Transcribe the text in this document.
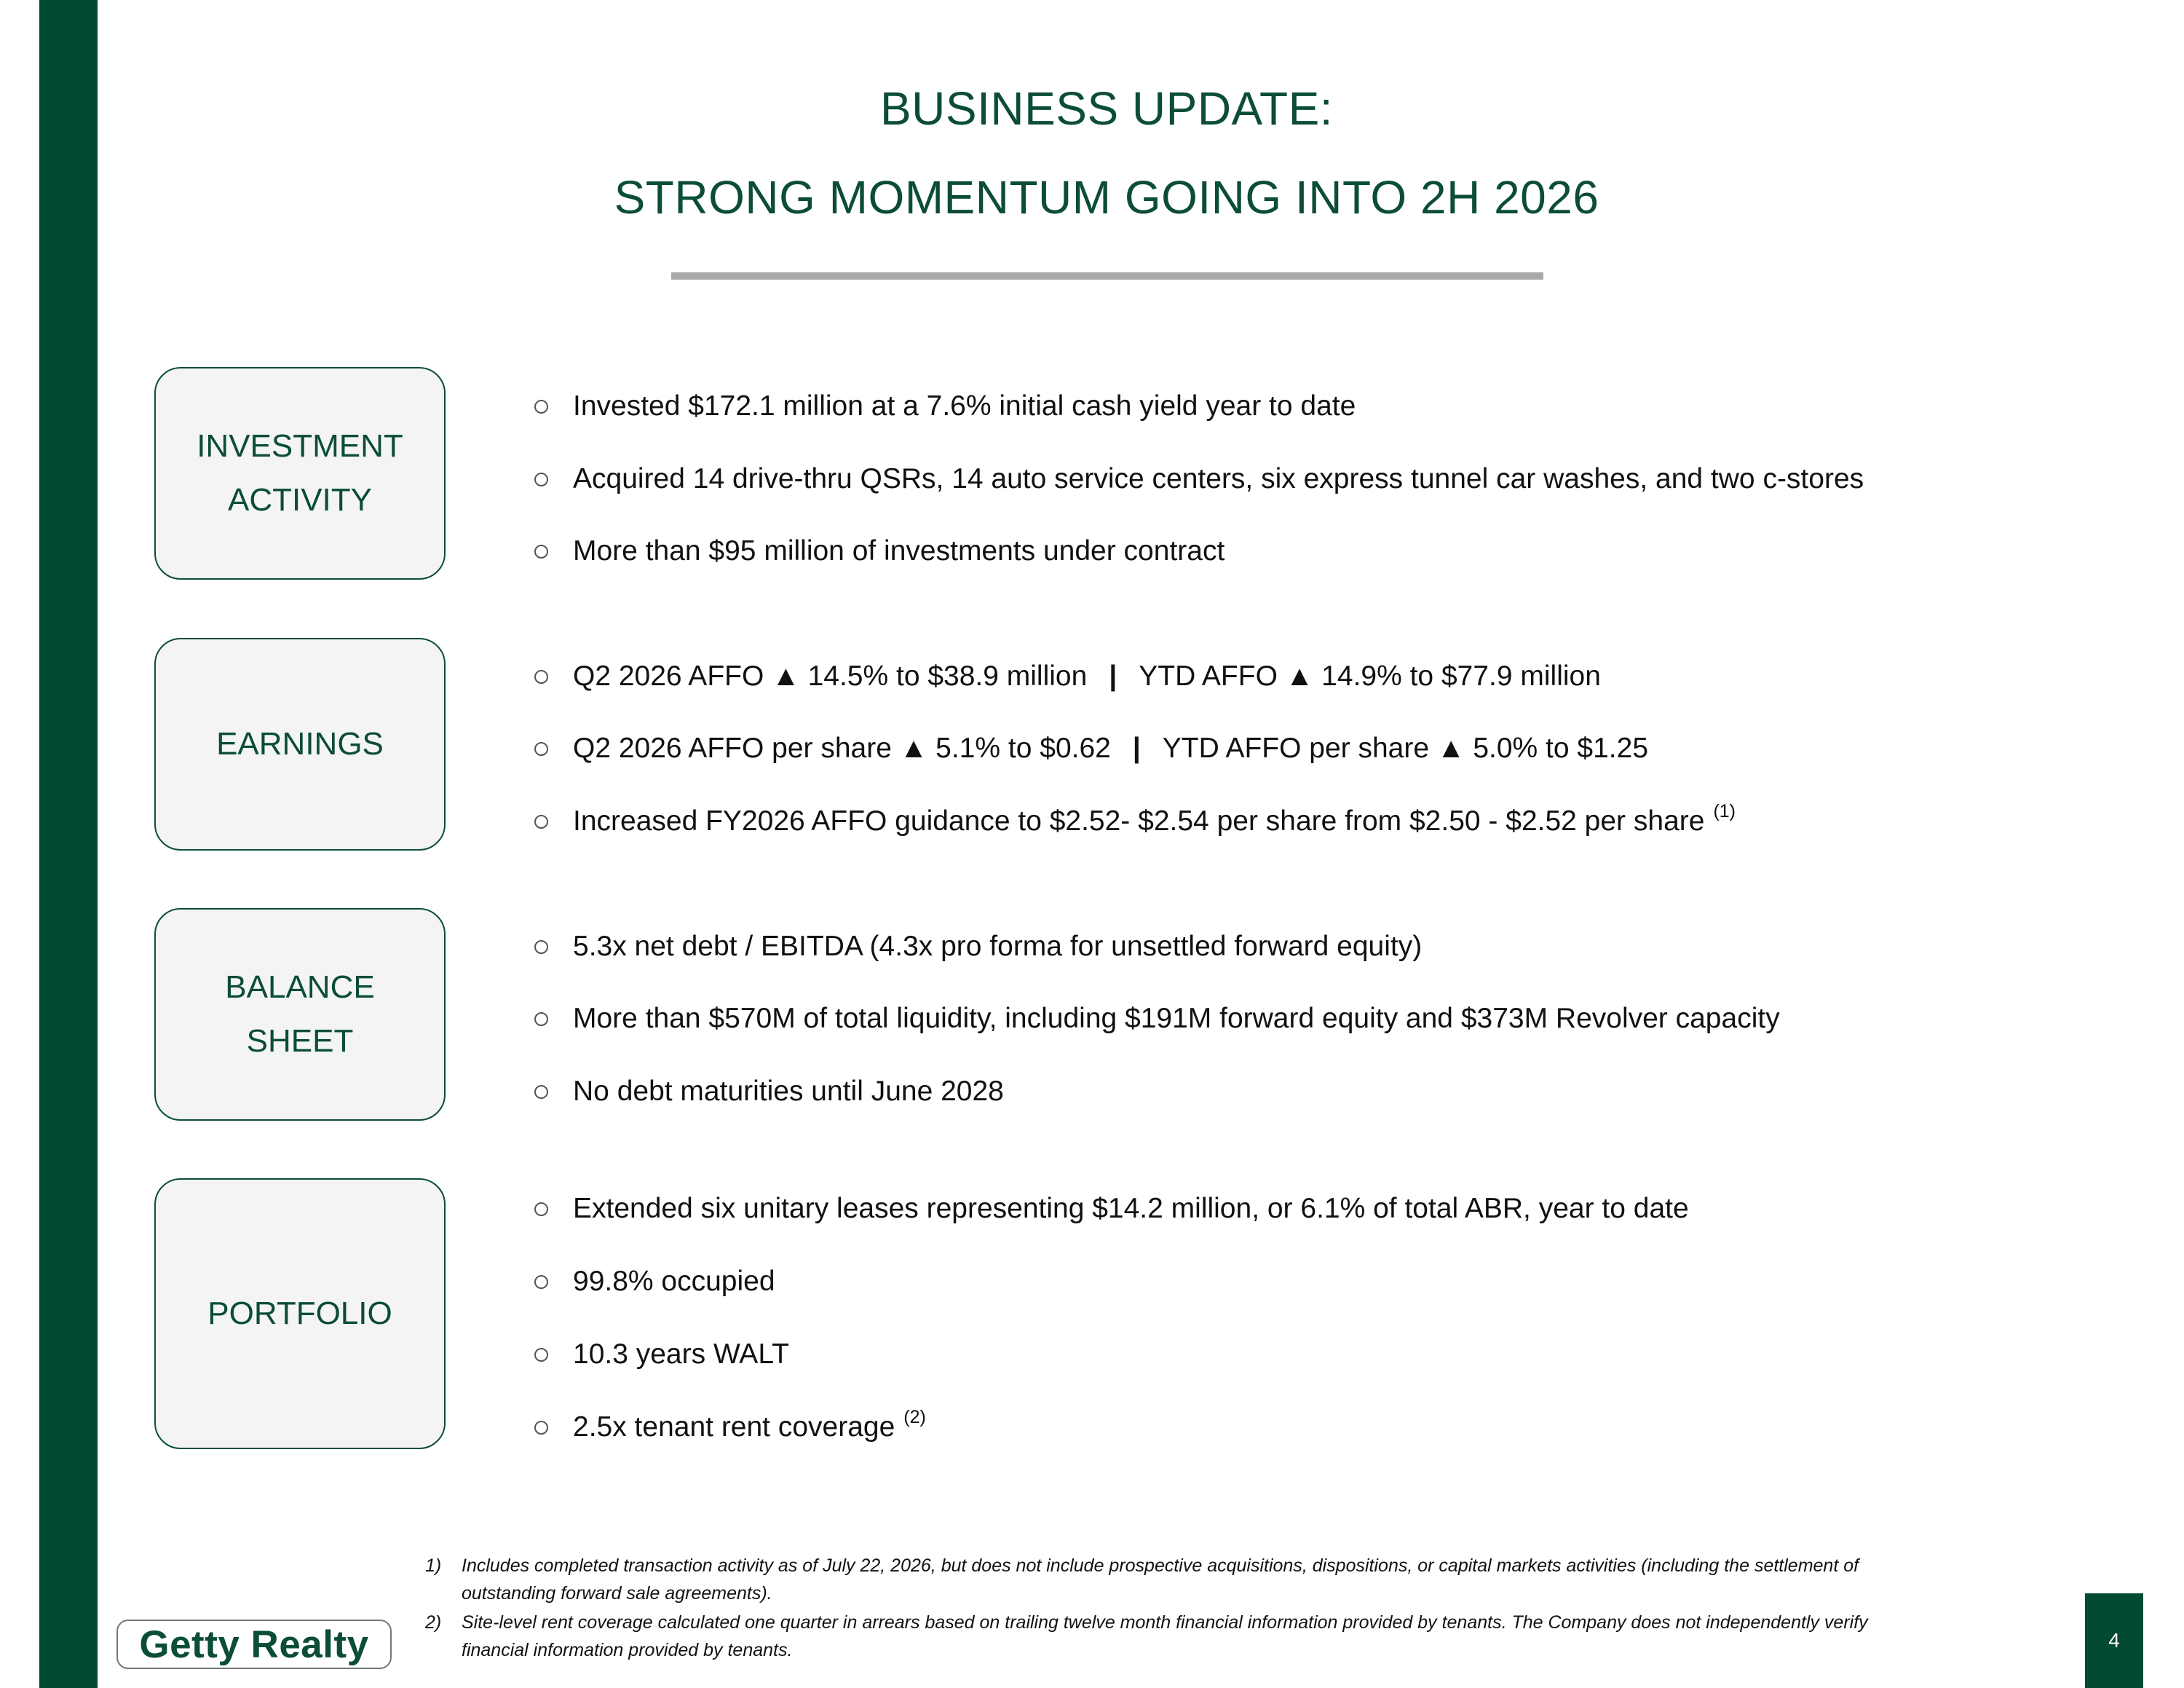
BUSINESS UPDATE:
STRONG MOMENTUM GOING INTO 2H 2026
INVESTMENT
ACTIVITY
EARNINGS
BALANCE
SHEET
PORTFOLIO
Invested $172.1 million at a 7.6% initial cash yield year to date
Acquired 14 drive-thru QSRs, 14 auto service centers, six express tunnel car washes, and two c-stores
More than $95 million of investments under contract
Q2 2026 AFFO ▲ 14.5% to $38.9 million | YTD AFFO ▲ 14.9% to $77.9 million
Q2 2026 AFFO per share ▲ 5.1% to $0.62 | YTD AFFO per share ▲ 5.0% to $1.25
Increased FY2026 AFFO guidance to $2.52- $2.54 per share from $2.50 - $2.52 per share (1)
5.3x net debt / EBITDA (4.3x pro forma for unsettled forward equity)
More than $570M of total liquidity, including $191M forward equity and $373M Revolver capacity
No debt maturities until June 2028
Extended six unitary leases representing $14.2 million, or 6.1% of total ABR, year to date
99.8% occupied
10.3 years WALT
2.5x tenant rent coverage (2)
1) Includes completed transaction activity as of July 22, 2026, but does not include prospective acquisitions, dispositions, or capital markets activities (including the settlement of
outstanding forward sale agreements).
2) Site-level rent coverage calculated one quarter in arrears based on trailing twelve month financial information provided by tenants. The Company does not independently verify
financial information provided by tenants.
Getty Realty	4
